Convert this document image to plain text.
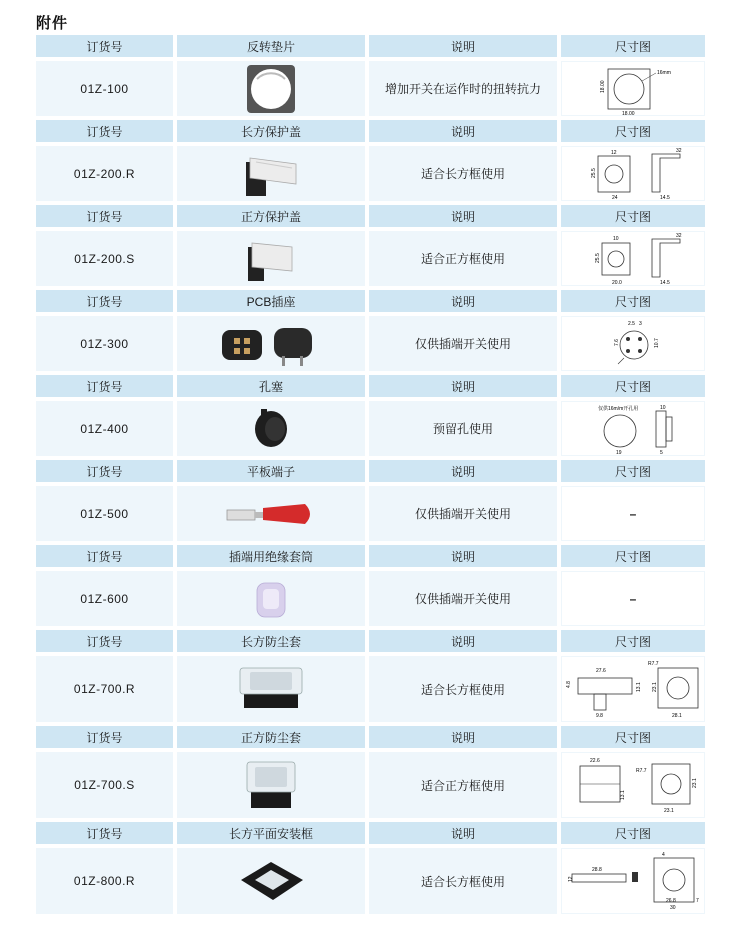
附件
订货号	反转垫片	说明	尺寸图
01Z-100	增加开关在运作时的扭转抗力
16mm
18.00
18.00
订货号	长方保护盖	说明	尺寸图
01Z-200.R	适合长方框使用
12	32
25.5
24	14.5
订货号	正方保护盖	说明	尺寸图
01Z-200.S	适合正方框使用
10	32
25.5
20.0	14.5
订货号	PCB插座	说明	尺寸图
01Z-300	仅供插端开关使用
2.5 3
7.6	10.7
订货号	孔塞	说明	尺寸图
01Z-400	预留孔使用
仅供16m/m开孔用	10
19	5
订货号	平板端子	说明	尺寸图
01Z-500	仅供插端开关使用	–
订货号	插端用绝缘套筒	说明	尺寸图
01Z-600	仅供插端开关使用	–
订货号	长方防尘套	说明	尺寸图
01Z-700.R	适合长方框使用
27.6
R7.7
4.8	13.1 23.1
9.8	28.1
订货号	正方防尘套	说明	尺寸图
01Z-700.S	适合正方框使用
22.6
R7.7
13.1
23.1
23.1
订货号	长方平面安装框	说明	尺寸图
01Z-800.R	适合长方框使用
4
28.8
12
26.8
30
7
